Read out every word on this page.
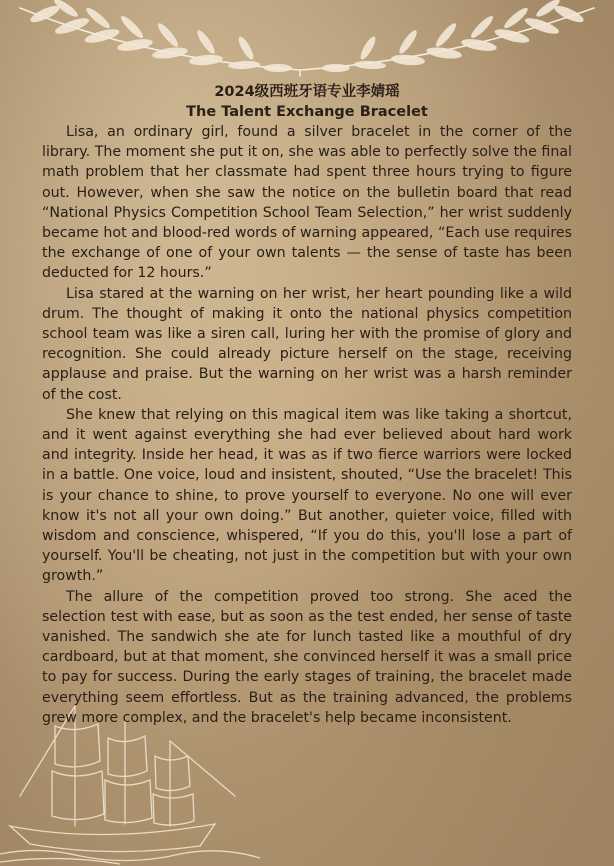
2024级西班牙语专业李婧瑶

The Talent Exchange Bracelet

Lisa, an ordinary girl, found a silver bracelet in the corner of the library. The moment she put it on, she was able to perfectly solve the final math problem that her classmate had spent three hours trying to figure out. However, when she saw the notice on the bulletin board that read “National Physics Competition School Team Selection,” her wrist suddenly became hot and blood-red words of warning appeared, “Each use requires the exchange of one of your own talents — the sense of taste has been deducted for 12 hours.”

Lisa stared at the warning on her wrist, her heart pounding like a wild drum. The thought of making it onto the national physics competition school team was like a siren call, luring her with the promise of glory and recognition. She could already picture herself on the stage, receiving applause and praise. But the warning on her wrist was a harsh reminder of the cost.

She knew that relying on this magical item was like taking a shortcut, and it went against everything she had ever believed about hard work and integrity. Inside her head, it was as if two fierce warriors were locked in a battle. One voice, loud and insistent, shouted, “Use the bracelet! This is your chance to shine, to prove yourself to everyone. No one will ever know it's not all your own doing.” But another, quieter voice, filled with wisdom and conscience, whispered, “If you do this, you'll lose a part of yourself. You'll be cheating, not just in the competition but with your own growth.”

The allure of the competition proved too strong. She aced the selection test with ease, but as soon as the test ended, her sense of taste vanished. The sandwich she ate for lunch tasted like a mouthful of dry cardboard, but at that moment, she convinced herself it was a small price to pay for success. During the early stages of training, the bracelet made everything seem effortless. But as the training advanced, the problems grew more complex, and the bracelet's help became inconsistent.
